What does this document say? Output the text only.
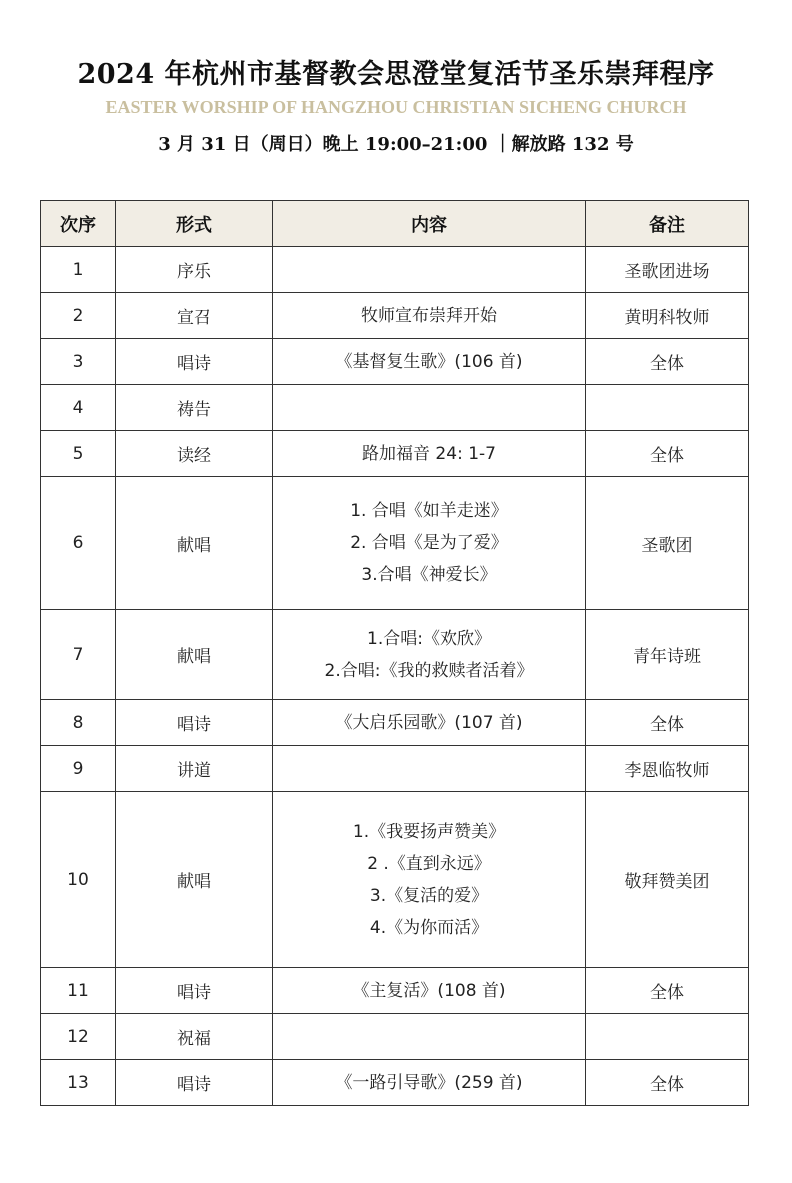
2024 年杭州市基督教会思澄堂复活节圣乐崇拜程序
EASTER WORSHIP OF HANGZHOU CHRISTIAN SICHENG CHURCH
3 月 31 日（周日）晚上 19:00–21:00 ｜解放路 132 号
次序	形式	内容	备注
1	序乐		圣歌团进场
2	宣召	牧师宣布崇拜开始	黄明科牧师
3	唱诗	《基督复生歌》(106 首)	全体
4	祷告		
5	读经	路加福音 24: 1-7	全体
6	献唱	1. 合唱《如羊走迷》
2. 合唱《是为了爱》
3.合唱《神爱长》	圣歌团
7	献唱	1.合唱:《欢欣》
2.合唱:《我的救赎者活着》	青年诗班
8	唱诗	《大启乐园歌》(107 首)	全体
9	讲道		李恩临牧师
10	献唱	1.《我要扬声赞美》
2 .《直到永远》
3.《复活的爱》
4.《为你而活》	敬拜赞美团
11	唱诗	《主复活》(108 首)	全体
12	祝福		
13	唱诗	《一路引导歌》(259 首)	全体
